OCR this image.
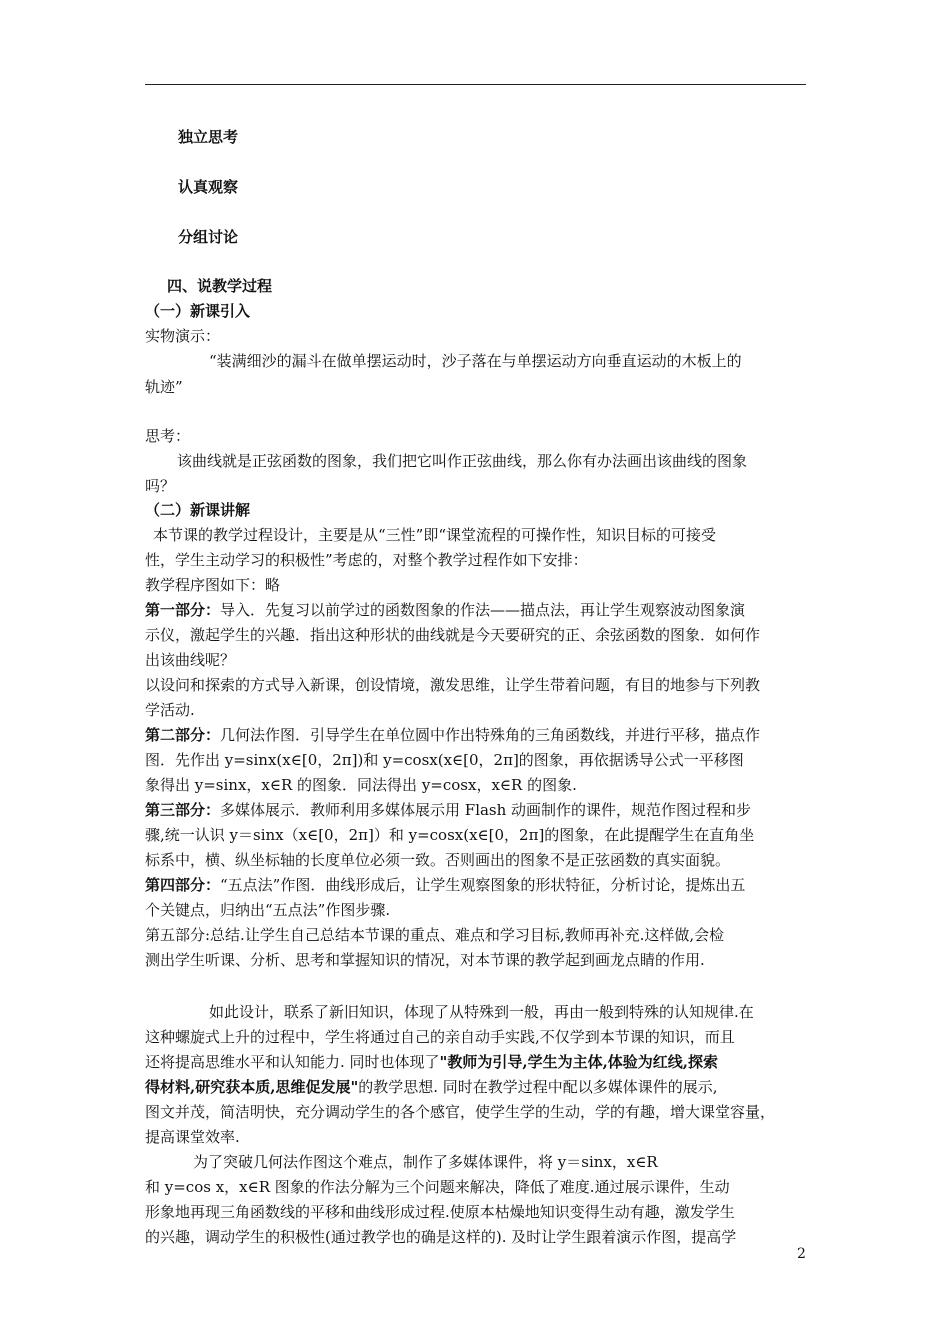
独立思考
认真观察
分组讨论
四、说教学过程
（一）新课引入
实物演示：
“装满细沙的漏斗在做单摆运动时，沙子落在与单摆运动方向垂直运动的木板上的
轨迹”
思考：
该曲线就是正弦函数的图象，我们把它叫作正弦曲线，那么你有办法画出该曲线的图象
吗？
（二）新课讲解
本节课的教学过程设计，主要是从“三性”即“课堂流程的可操作性，知识目标的可接受
性，学生主动学习的积极性”考虑的，对整个教学过程作如下安排：
教学程序图如下：略
第一部分：导入．先复习以前学过的函数图象的作法——描点法，再让学生观察波动图象演
示仪，激起学生的兴趣．指出这种形状的曲线就是今天要研究的正、余弦函数的图象．如何作
出该曲线呢？
以设问和探索的方式导入新课，创设情境，激发思维，让学生带着问题，有目的地参与下列教
学活动.
第二部分：几何法作图．引导学生在单位圆中作出特殊角的三角函数线，并进行平移，描点作
图．先作出 y=sinx(x∈[0，2π])和 y=cosx(x∈[0，2π]的图象，再依据诱导公式一平移图
象得出 y=sinx，x∈R 的图象．同法得出 y=cosx，x∈R 的图象.
第三部分：多媒体展示．教师利用多媒体展示用 Flash 动画制作的课件，规范作图过程和步
骤,统一认识 y＝sinx（x∈[0，2π]）和 y=cosx(x∈[0，2π]的图象，在此提醒学生在直角坐
标系中，横、纵坐标轴的长度单位必须一致。否则画出的图象不是正弦函数的真实面貌。
第四部分：“五点法”作图．曲线形成后，让学生观察图象的形状特征，分析讨论，提炼出五
个关键点，归纳出“五点法”作图步骤.
第五部分:总结.让学生自己总结本节课的重点、难点和学习目标,教师再补充.这样做,会检
测出学生听课、分析、思考和掌握知识的情况，对本节课的教学起到画龙点睛的作用.
如此设计，联系了新旧知识，体现了从特殊到一般，再由一般到特殊的认知规律.在
这种螺旋式上升的过程中，学生将通过自己的亲自动手实践,不仅学到本节课的知识，而且
还将提高思维水平和认知能力. 同时也体现了"教师为引导,学生为主体,体验为红线,探索
得材料,研究获本质,思维促发展"的教学思想. 同时在教学过程中配以多媒体课件的展示,
图文并茂，简洁明快，充分调动学生的各个感官，使学生学的生动，学的有趣，增大课堂容量，
提高课堂效率.
为了突破几何法作图这个难点，制作了多媒体课件，将 y＝sinx，x∈R
和 y=cos x，x∈R 图象的作法分解为三个问题来解决，降低了难度.通过展示课件，生动
形象地再现三角函数线的平移和曲线形成过程.使原本枯燥地知识变得生动有趣，激发学生
的兴趣，调动学生的积极性(通过教学也的确是这样的). 及时让学生跟着演示作图，提高学
2
